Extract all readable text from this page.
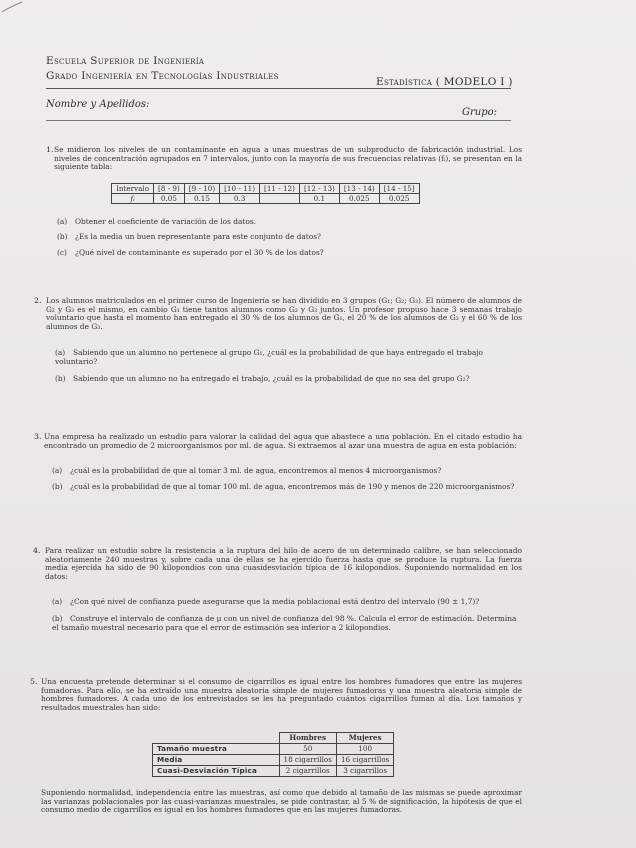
Escuela Superior de Ingeniería
Grado Ingeniería en Tecnologías Industriales	Estadística ( MODELO I )
Nombre y Apellidos:
Grupo:
1. Se midieron los niveles de un contaminante en agua a unas muestras de un subproducto de fabricación industrial. Los niveles de concentración agrupados en 7 intervalos, junto con la mayoría de sus frecuencias relativas (fᵢ), se presentan en la siguiente tabla:
Intervalo	[8 - 9)	[9 - 10)	[10 - 11)	[11 - 12)	[12 - 13)	[13 - 14)	[14 - 15]
fᵢ	0.05	0.15	0.3		0.1	0.025	0.025
(a) Obtener el coeficiente de variación de los datos.
(b) ¿Es la media un buen representante para este conjunto de datos?
(c) ¿Qué nivel de contaminante es superado por el 30 % de los datos?
2. Los alumnos matriculados en el primer curso de Ingeniería se han dividido en 3 grupos (G₁; G₂; G₃). El número de alumnos de G₂ y G₃ es el mismo, en cambio G₁ tiene tantos alumnos como G₂ y G₃ juntos. Un profesor propuso hace 3 semanas trabajo voluntario que hasta el momento han entregado el 30 % de los alumnos de G₁, el 20 % de los alumnos de G₂ y el 60 % de los alumnos de G₃.
(a) Sabiendo que un alumno no pertenece al grupo G₁, ¿cuál es la probabilidad de que haya entregado el trabajo voluntario?
(b) Sabiendo que un alumno no ha entregado el trabajo, ¿cuál es la probabilidad de que no sea del grupo G₂?
3. Una empresa ha realizado un estudio para valorar la calidad del agua que abastece a una población. En el citado estudio ha encontrado un promedio de 2 microorganismos por ml. de agua. Si extraemos al azar una muestra de agua en esta población:
(a) ¿cuál es la probabilidad de que al tomar 3 ml. de agua, encontremos al menos 4 microorganismos?
(b) ¿cuál es la probabilidad de que al tomar 100 ml. de agua, encontremos más de 190 y menos de 220 microorganismos?
4. Para realizar un estudio sobre la resistencia a la ruptura del hilo de acero de un determinado calibre, se han seleccionado aleatoriamente 240 muestras y, sobre cada una de ellas se ha ejercido fuerza hasta que se produce la ruptura. La fuerza media ejercida ha sido de 90 kilopondios con una cuasidesviación típica de 16 kilopondios. Suponiendo normalidad en los datos:
(a) ¿Con qué nivel de confianza puede asegurarse que la media poblacional está dentro del intervalo (90 ± 1,7)?
(b) Construye el intervalo de confianza de μ con un nivel de confianza del 98 %. Calcula el error de estimación. Determina el tamaño muestral necesario para que el error de estimación sea inferior a 2 kilopondios.
5. Una encuesta pretende determinar si el consumo de cigarrillos es igual entre los hombres fumadores que entre las mujeres fumadoras. Para ello, se ha extraído una muestra aleatoria simple de mujeres fumadoras y una muestra aleatoria simple de hombres fumadores. A cada uno de los entrevistados se les ha preguntado cuántos cigarrillos fuman al día. Los tamaños y resultados muestrales han sido:
	Hombres	Mujeres
Tamaño muestra	50	100
Media	18 cigarrillos	16 cigarrillos
Cuasi-Desviación Típica	2 cigarrillos	3 cigarrillos
Suponiendo normalidad, independencia entre las muestras, así como que debido al tamaño de las mismas se puede aproximar las varianzas poblacionales por las cuasi-varianzas muestrales, se pide contrastar, al 5 % de significación, la hipótesis de que el consumo medio de cigarrillos es igual en los hombres fumadores que en las mujeres fumadoras.
